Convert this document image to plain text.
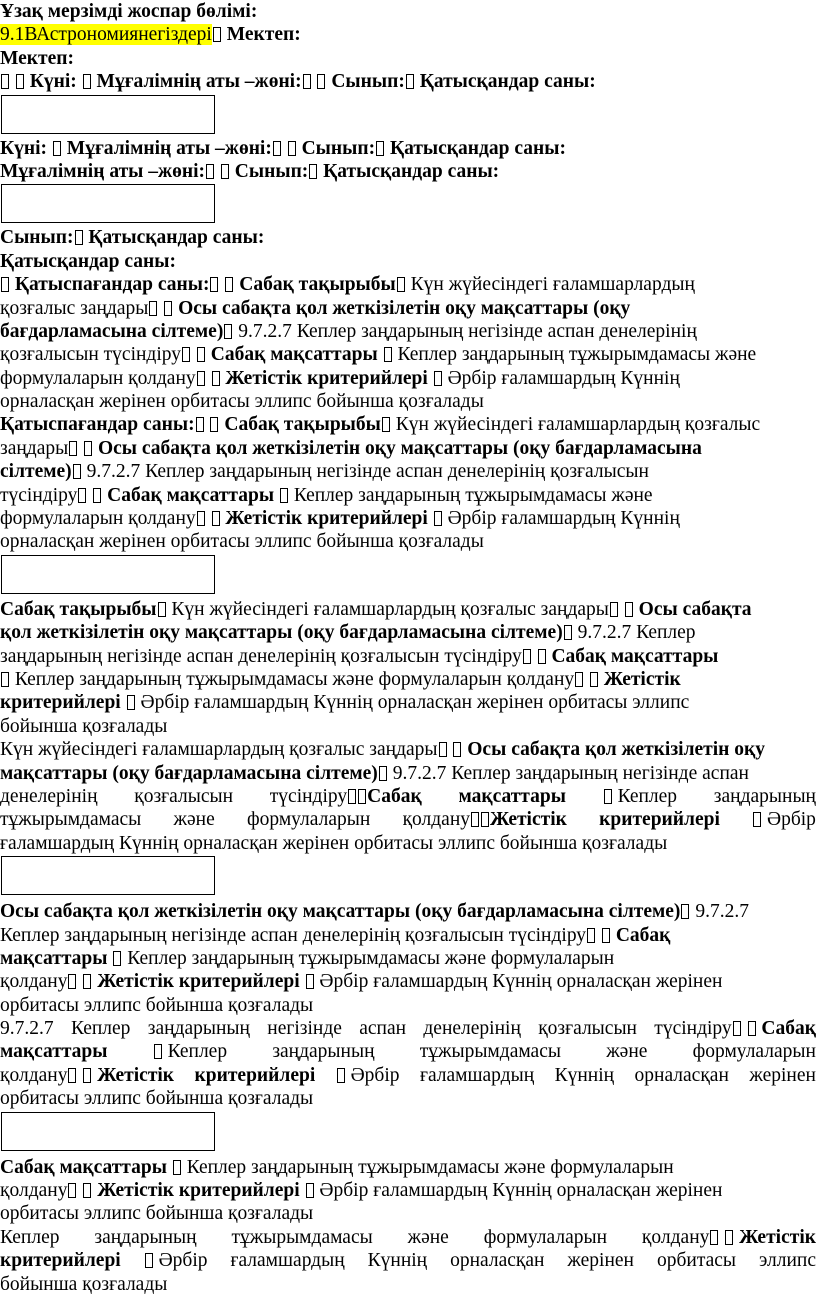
Ұзақ мерзімді жоспар бөлімі:
9.1ВАстрономиянегіздері Мектеп:
Мектеп:
Күні: Мұғалімнің аты –жөні: Сынып: Қатысқандар саны:
Күні: Мұғалімнің аты –жөні: Сынып: Қатысқандар саны:
Мұғалімнің аты –жөні: Сынып: Қатысқандар саны:
Сынып: Қатысқандар саны:
Қатысқандар саны:
Қатыспағандар саны: Сабақ тақырыбы Күн жүйесіндегі ғаламшарлардың
қозғалыс заңдары Осы сабақта қол жеткізілетін оқу мақсаттары (оқу
бағдарламасына сілтеме) 9.7.2.7 Кеплер заңдарының негізінде аспан денелерінің
қозғалысын түсіндіру Сабақ мақсаттары Кеплер заңдарының тұжырымдамасы және
формулаларын қолдану Жетістік критерийлері Әрбір ғаламшардың Күннің
орналасқан жерінен орбитасы эллипс бойынша қозғалады
Қатыспағандар саны: Сабақ тақырыбы Күн жүйесіндегі ғаламшарлардың қозғалыс
заңдары Осы сабақта қол жеткізілетін оқу мақсаттары (оқу бағдарламасына
сілтеме) 9.7.2.7 Кеплер заңдарының негізінде аспан денелерінің қозғалысын
түсіндіру Сабақ мақсаттары Кеплер заңдарының тұжырымдамасы және
формулаларын қолдану Жетістік критерийлері Әрбір ғаламшардың Күннің
орналасқан жерінен орбитасы эллипс бойынша қозғалады
Сабақ тақырыбы Күн жүйесіндегі ғаламшарлардың қозғалыс заңдары Осы сабақта
қол жеткізілетін оқу мақсаттары (оқу бағдарламасына сілтеме) 9.7.2.7 Кеплер
заңдарының негізінде аспан денелерінің қозғалысын түсіндіру Сабақ мақсаттары
Кеплер заңдарының тұжырымдамасы және формулаларын қолдану Жетістік
критерийлері Әрбір ғаламшардың Күннің орналасқан жерінен орбитасы эллипс
бойынша қозғалады
Күн жүйесіндегі ғаламшарлардың қозғалыс заңдары Осы сабақта қол жеткізілетін оқу
мақсаттары (оқу бағдарламасына сілтеме) 9.7.2.7 Кеплер заңдарының негізінде аспан
денелерінің қозғалысын түсіндіру Сабақ мақсаттары	Кеплер заңдарының
тұжырымдамасы және формулаларын қолдану Жетістік критерийлері	Әрбір
ғаламшардың Күннің орналасқан жерінен орбитасы эллипс бойынша қозғалады
Осы сабақта қол жеткізілетін оқу мақсаттары (оқу бағдарламасына сілтеме) 9.7.2.7
Кеплер заңдарының негізінде аспан денелерінің қозғалысын түсіндіру Сабақ
мақсаттары Кеплер заңдарының тұжырымдамасы және формулаларын
қолдану Жетістік критерийлері Әрбір ғаламшардың Күннің орналасқан жерінен
орбитасы эллипс бойынша қозғалады
9.7.2.7 Кеплер заңдарының негізінде аспан денелерінің қозғалысын түсіндіру Сабақ
мақсаттары	Кеплер заңдарының тұжырымдамасы және формулаларын
қолдану Жетістік критерийлері	Әрбір ғаламшардың Күннің орналасқан жерінен
орбитасы эллипс бойынша қозғалады
Сабақ мақсаттары Кеплер заңдарының тұжырымдамасы және формулаларын
қолдану Жетістік критерийлері Әрбір ғаламшардың Күннің орналасқан жерінен
орбитасы эллипс бойынша қозғалады
Кеплер заңдарының тұжырымдамасы және формулаларын қолдану Жетістік
критерийлері	Әрбір ғаламшардың Күннің орналасқан жерінен орбитасы эллипс
бойынша қозғалады
